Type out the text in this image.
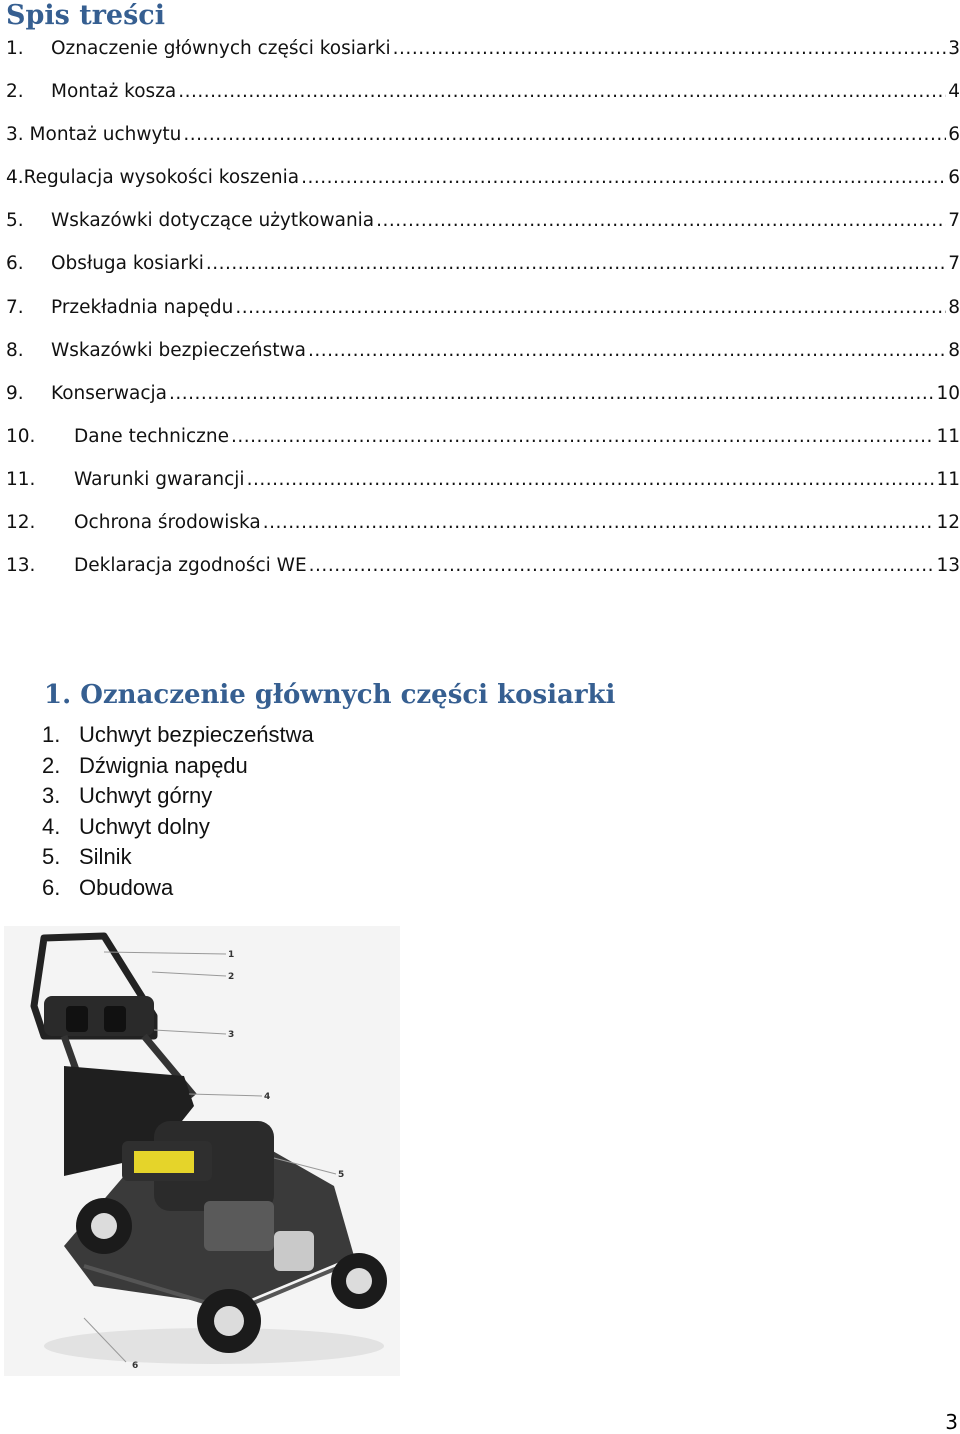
Spis treści
1.	Oznaczenie głównych części kosiarki .....	3
2.	Montaż kosza .....	4
3. Montaż uchwytu .....	6
4. Regulacja wysokości koszenia .....	6
5.	Wskazówki dotyczące użytkowania .....	7
6.	Obsługa kosiarki .....	7
7.	Przekładnia napędu .....	8
8.	Wskazówki bezpieczeństwa .....	8
9.	Konserwacja .....	10
10.	Dane techniczne .....	11
11.	Warunki gwarancji .....	11
12.	Ochrona środowiska .....	12
13.	Deklaracja zgodności WE .....	13
1. Oznaczenie głównych części kosiarki
1. Uchwyt bezpieczeństwa
2. Dźwignia napędu
3. Uchwyt górny
4. Uchwyt dolny
5. Silnik
6. Obudowa
1
2
3
4
5
6
3
